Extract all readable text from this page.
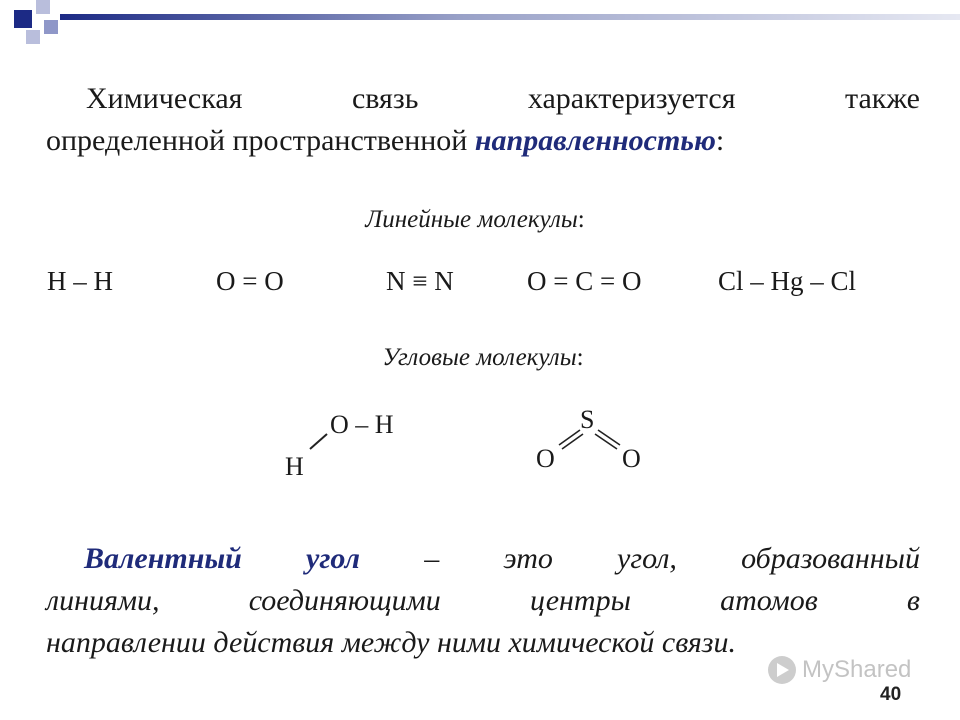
Химическая	связь	характеризуется	также
определенной пространственной направленностью:
Линейные молекулы:
H – H	O = O	N ≡ N	O = C = O	Cl – Hg – Cl
Угловые молекулы:
O – H
H
S
O	O
Валентный угол – это угол, образованный
линиями,	соединяющими	центры	атомов	в
направлении действия между ними химической связи.
MyShared
40
